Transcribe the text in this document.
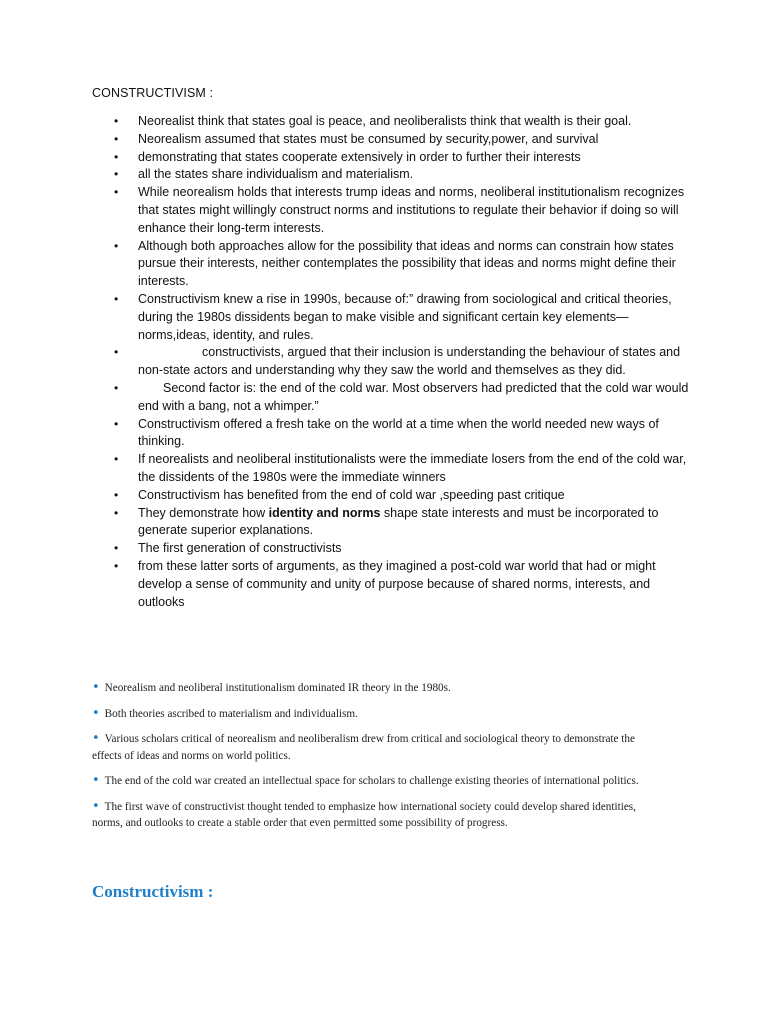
CONSTRUCTIVISM :
• Neorealist think that states goal is peace, and neoliberalists think that wealth is their goal.
• Neorealism assumed that states must be consumed by security,power, and survival
• demonstrating that states cooperate extensively in order to further their interests
• all the states share individualism and materialism.
• While neorealism holds that interests trump ideas and norms, neoliberal institutionalism recognizes that states might willingly construct norms and institutions to regulate their behavior if doing so will enhance their long-term interests.
• Although both approaches allow for the possibility that ideas and norms can constrain how states pursue their interests, neither contemplates the possibility that ideas and norms might define their interests.
• Constructivism knew a rise in 1990s, because of:” drawing from sociological and critical theories, during the 1980s dissidents began to make visible and significant certain key elements—norms,ideas, identity, and rules.
•	constructivists, argued that their inclusion is understanding the behaviour of states and non-state actors and understanding why they saw the world and themselves as they did.
•	Second factor is: the end of the cold war. Most observers had predicted that the cold war would end with a bang, not a whimper.”
• Constructivism offered a fresh take on the world at a time when the world needed new ways of thinking.
• If neorealists and neoliberal institutionalists were the immediate losers from the end of the cold war, the dissidents of the 1980s were the immediate winners
• Constructivism has benefited from the end of cold war ,speeding past critique
• They demonstrate how identity and norms shape state interests and must be incorporated to generate superior explanations.
• The first generation of constructivists
• from these latter sorts of arguments, as they imagined a post-cold war world that had or might develop a sense of community and unity of purpose because of shared norms, interests, and outlooks

• Neorealism and neoliberal institutionalism dominated IR theory in the 1980s.

• Both theories ascribed to materialism and individualism.

• Various scholars critical of neorealism and neoliberalism drew from critical and sociological theory to demonstrate the effects of ideas and norms on world politics.

• The end of the cold war created an intellectual space for scholars to challenge existing theories of international politics.

• The first wave of constructivist thought tended to emphasize how international society could develop shared identities, norms, and outlooks to create a stable order that even permitted some possibility of progress.

Constructivism :
